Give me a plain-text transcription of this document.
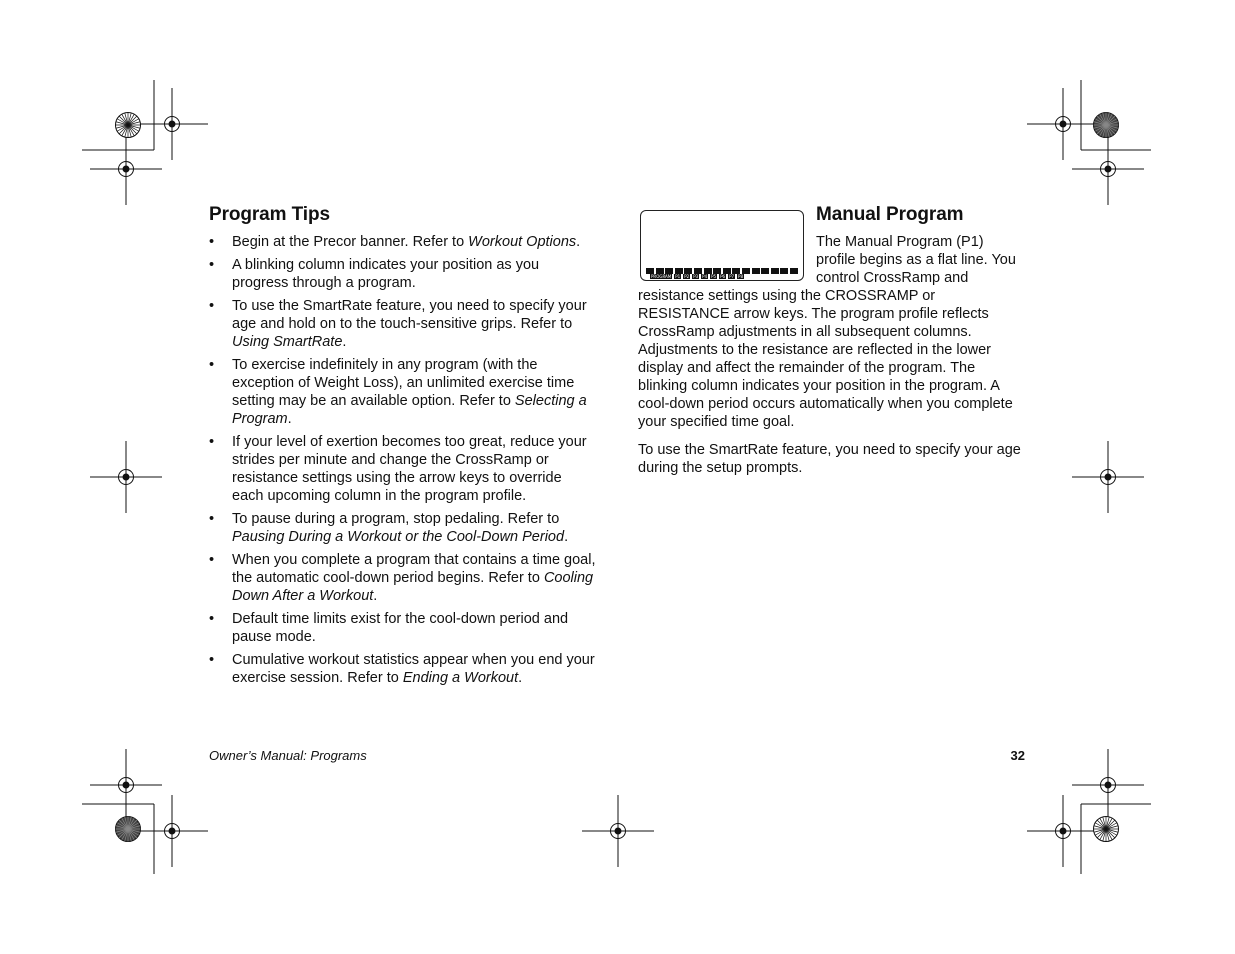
Program Tips
• Begin at the Precor banner. Refer to Workout Options.
• A blinking column indicates your position as you progress through a program.
• To use the SmartRate feature, you need to specify your age and hold on to the touch-sensitive grips. Refer to Using SmartRate.
• To exercise indefinitely in any program (with the exception of Weight Loss), an unlimited exercise time setting may be an available option. Refer to Selecting a Program.
• If your level of exertion becomes too great, reduce your strides per minute and change the CrossRamp or resistance settings using the arrow keys to override each upcoming column in the program profile.
• To pause during a program, stop pedaling. Refer to Pausing During a Workout or the Cool-Down Period.
• When you complete a program that contains a time goal, the automatic cool-down period begins. Refer to Cooling Down After a Workout.
• Default time limits exist for the cool-down period and pause mode.
• Cumulative workout statistics appear when you end your exercise session. Refer to Ending a Workout.
PROGRAM P1 P2 P3 P4 P5 P6 P7 P8
Manual Program

The Manual Program (P1) profile begins as a flat line. You control CrossRamp and resistance settings using the CROSSRAMP or RESISTANCE arrow keys. The program profile reflects CrossRamp adjustments in all subsequent columns. Adjustments to the resistance are reflected in the lower display and affect the remainder of the program. The blinking column indicates your position in the program. A cool-down period occurs automatically when you complete your specified time goal.

To use the SmartRate feature, you need to specify your age during the setup prompts.

Owner’s Manual: Programs	32
